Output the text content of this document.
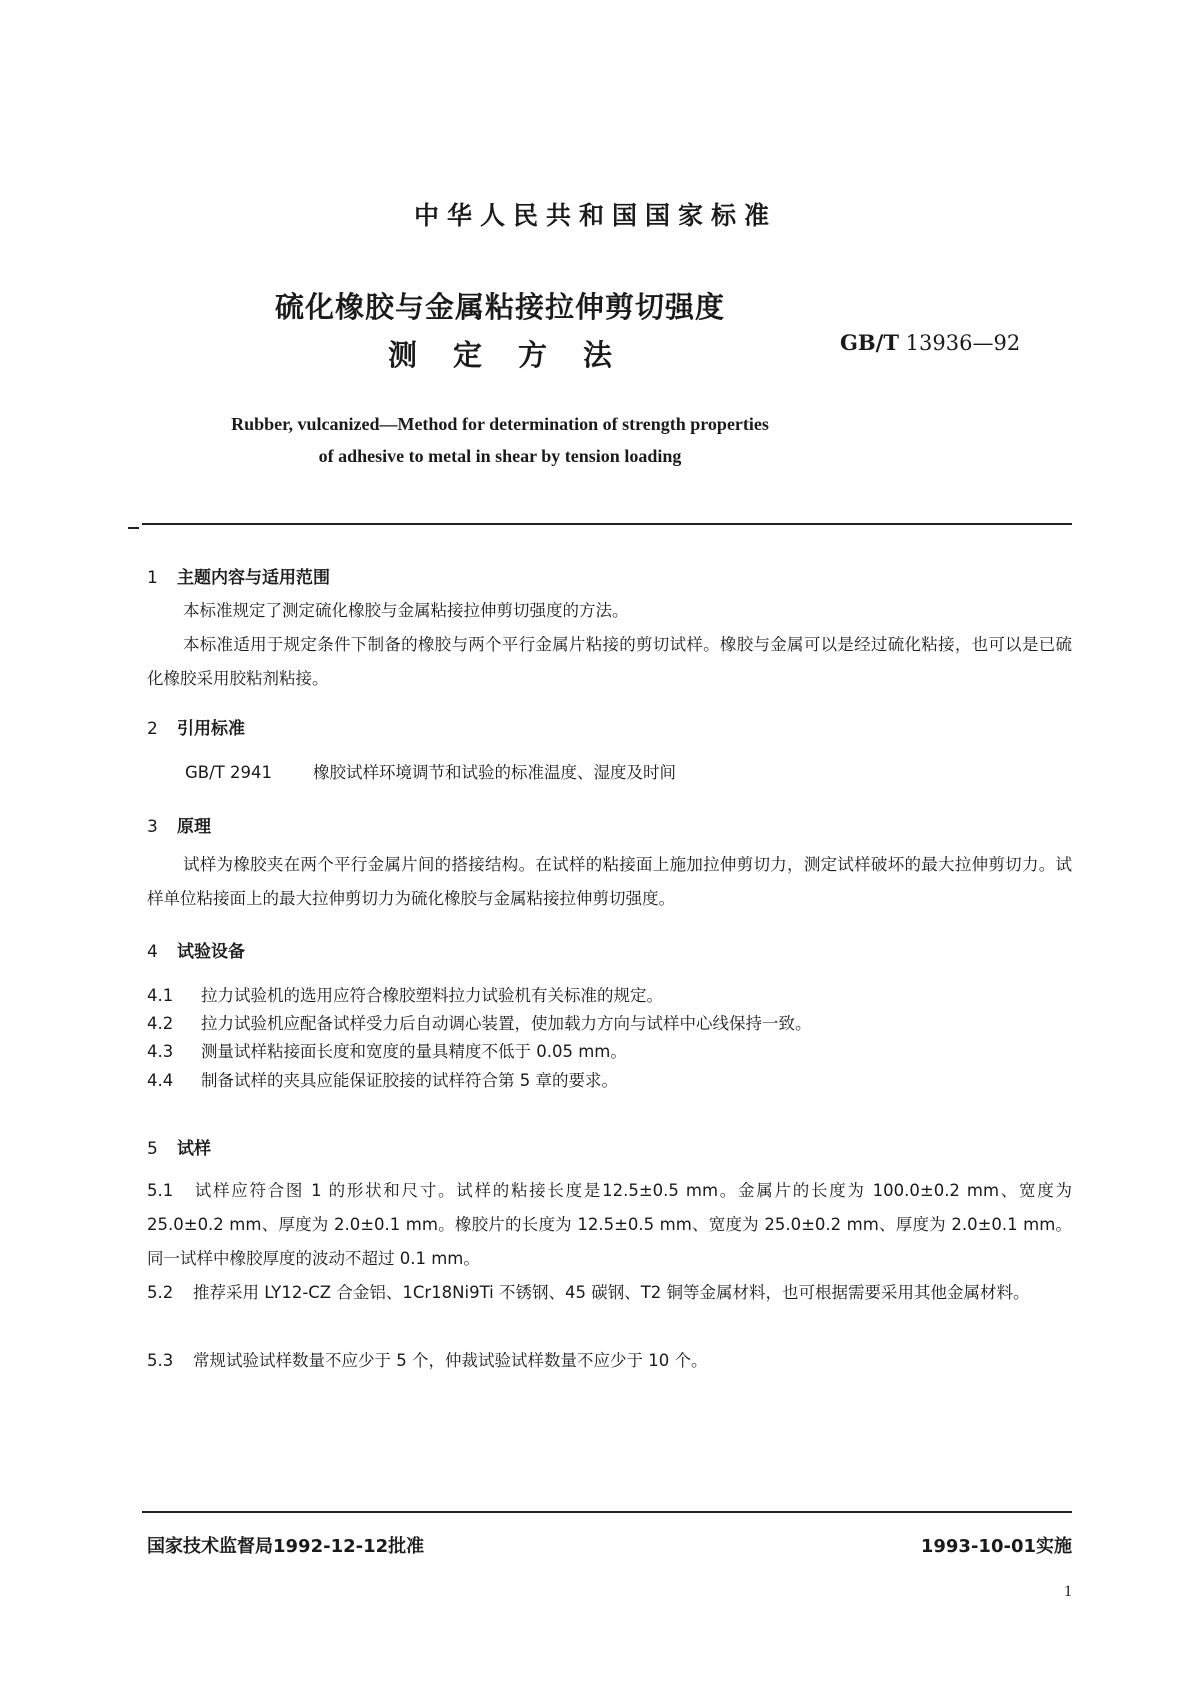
中华人民共和国国家标准
硫化橡胶与金属粘接拉伸剪切强度
测定方法	GB/T 13936—92
Rubber, vulcanized—Method for determination of strength properties
of adhesive to metal in shear by tension loading
1 主题内容与适用范围
本标准规定了测定硫化橡胶与金属粘接拉伸剪切强度的方法。
本标准适用于规定条件下制备的橡胶与两个平行金属片粘接的剪切试样。橡胶与金属可以是经过硫化粘接，也可以是已硫化橡胶采用胶粘剂粘接。
2 引用标准
GB/T 2941 橡胶试样环境调节和试验的标准温度、湿度及时间
3 原理
试样为橡胶夹在两个平行金属片间的搭接结构。在试样的粘接面上施加拉伸剪切力，测定试样破坏的最大拉伸剪切力。试样单位粘接面上的最大拉伸剪切力为硫化橡胶与金属粘接拉伸剪切强度。
4 试验设备
4.1 拉力试验机的选用应符合橡胶塑料拉力试验机有关标准的规定。
4.2 拉力试验机应配备试样受力后自动调心装置，使加载力方向与试样中心线保持一致。
4.3 测量试样粘接面长度和宽度的量具精度不低于 0.05 mm。
4.4 制备试样的夹具应能保证胶接的试样符合第 5 章的要求。
5 试样
5.1 试样应符合图 1 的形状和尺寸。试样的粘接长度是12.5±0.5 mm。金属片的长度为 100.0±0.2 mm、宽度为 25.0±0.2 mm、厚度为 2.0±0.1 mm。橡胶片的长度为 12.5±0.5 mm、宽度为 25.0±0.2 mm、厚度为 2.0±0.1 mm。同一试样中橡胶厚度的波动不超过 0.1 mm。
5.2 推荐采用 LY12-CZ 合金铝、1Cr18Ni9Ti 不锈钢、45 碳钢、T2 铜等金属材料，也可根据需要采用其他金属材料。
5.3 常规试验试样数量不应少于 5 个，仲裁试验试样数量不应少于 10 个。
国家技术监督局1992-12-12批准	1993-10-01实施
1
